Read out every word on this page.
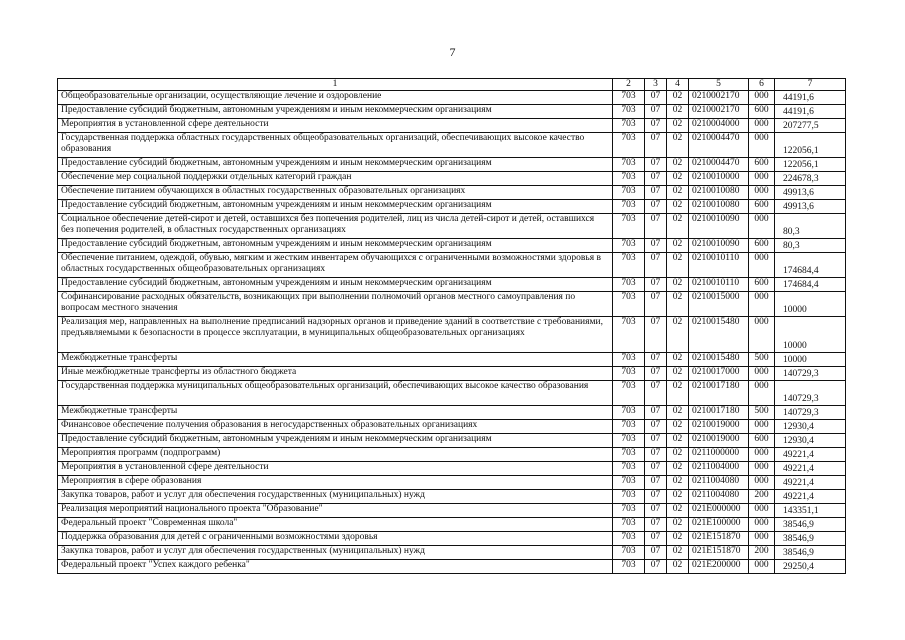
7
1	2	3	4	5	6	7
Общеобразовательные организации, осуществляющие лечение и оздоровление	703	07	02	0210002170	000	44191,6
Предоставление субсидий бюджетным, автономным учреждениям и иным некоммерческим организациям	703	07	02	0210002170	600	44191,6
Мероприятия в установленной сфере деятельности	703	07	02	0210004000	000	207277,5
Государственная поддержка областных государственных общеобразовательных организаций, обеспечивающих высокое качество образования	703	07	02	0210004470	000	122056,1
Предоставление субсидий бюджетным, автономным учреждениям и иным некоммерческим организациям	703	07	02	0210004470	600	122056,1
Обеспечение мер социальной поддержки отдельных категорий граждан	703	07	02	0210010000	000	224678,3
Обеспечение питанием обучающихся в областных государственных образовательных организациях	703	07	02	0210010080	000	49913,6
Предоставление субсидий бюджетным, автономным учреждениям и иным некоммерческим организациям	703	07	02	0210010080	600	49913,6
Социальное обеспечение детей-сирот и детей, оставшихся без попечения родителей, лиц из числа детей-сирот и детей, оставшихся без попечения родителей, в областных государственных организациях	703	07	02	0210010090	000	80,3
Предоставление субсидий бюджетным, автономным учреждениям и иным некоммерческим организациям	703	07	02	0210010090	600	80,3
Обеспечение питанием, одеждой, обувью, мягким и жестким инвентарем обучающихся с ограниченными возможностями здоровья в областных государственных общеобразовательных организациях	703	07	02	0210010110	000	174684,4
Предоставление субсидий бюджетным, автономным учреждениям и иным некоммерческим организациям	703	07	02	0210010110	600	174684,4
Софинансирование расходных обязательств, возникающих при выполнении полномочий органов местного самоуправления по вопросам местного значения	703	07	02	0210015000	000	10000
Реализация мер, направленных на выполнение предписаний надзорных органов и приведение зданий в соответствие с требованиями, предъявляемыми к безопасности в процессе эксплуатации, в муниципальных общеобразовательных организациях	703	07	02	0210015480	000	10000
Межбюджетные трансферты	703	07	02	0210015480	500	10000
Иные межбюджетные трансферты из областного бюджета	703	07	02	0210017000	000	140729,3
Государственная поддержка муниципальных общеобразовательных организаций, обеспечивающих высокое качество образования	703	07	02	0210017180	000	140729,3
Межбюджетные трансферты	703	07	02	0210017180	500	140729,3
Финансовое обеспечение получения образования в негосударственных образовательных организациях	703	07	02	0210019000	000	12930,4
Предоставление субсидий бюджетным, автономным учреждениям и иным некоммерческим организациям	703	07	02	0210019000	600	12930,4
Мероприятия программ (подпрограмм)	703	07	02	0211000000	000	49221,4
Мероприятия в установленной сфере деятельности	703	07	02	0211004000	000	49221,4
Мероприятия в сфере образования	703	07	02	0211004080	000	49221,4
Закупка товаров, работ и услуг для обеспечения государственных (муниципальных) нужд	703	07	02	0211004080	200	49221,4
Реализация мероприятий национального проекта "Образование"	703	07	02	021E000000	000	143351,1
Федеральный проект "Современная школа"	703	07	02	021E100000	000	38546,9
Поддержка образования для детей с ограниченными возможностями здоровья	703	07	02	021E151870	000	38546,9
Закупка товаров, работ и услуг для обеспечения государственных (муниципальных) нужд	703	07	02	021E151870	200	38546,9
Федеральный проект "Успех каждого ребенка"	703	07	02	021E200000	000	29250,4
